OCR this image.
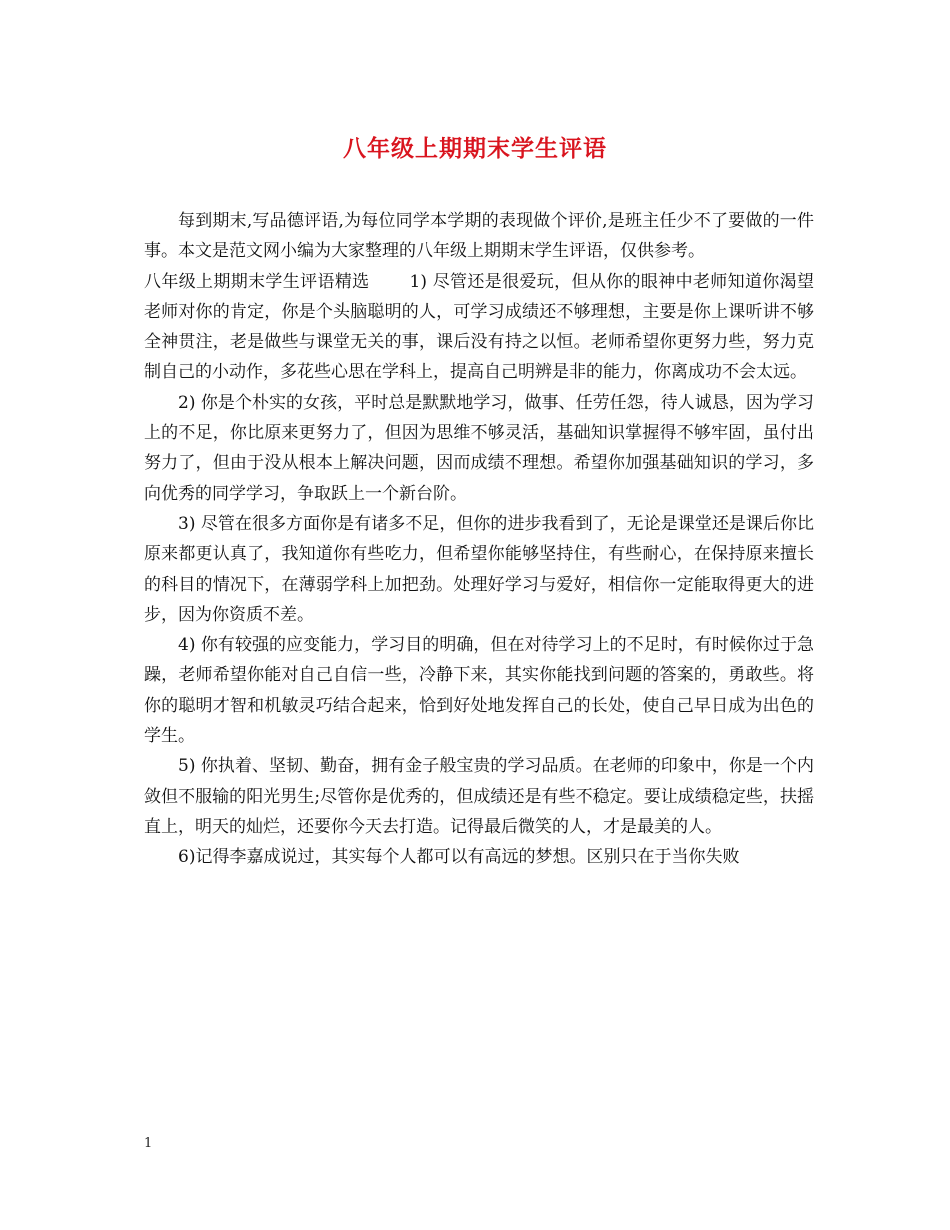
八年级上期期末学生评语

每到期末,写品德评语,为每位同学本学期的表现做个评价,是班主任少不了要做的一件事。本文是范文网小编为大家整理的八年级上期期末学生评语，仅供参考。

八年级上期期末学生评语精选 1) 尽管还是很爱玩，但从你的眼神中老师知道你渴望老师对你的肯定，你是个头脑聪明的人，可学习成绩还不够理想，主要是你上课听讲不够全神贯注，老是做些与课堂无关的事，课后没有持之以恒。老师希望你更努力些，努力克制自己的小动作，多花些心思在学科上，提高自己明辨是非的能力，你离成功不会太远。

2) 你是个朴实的女孩，平时总是默默地学习，做事、任劳任怨，待人诚恳，因为学习上的不足，你比原来更努力了，但因为思维不够灵活，基础知识掌握得不够牢固，虽付出努力了，但由于没从根本上解决问题，因而成绩不理想。希望你加强基础知识的学习，多向优秀的同学学习，争取跃上一个新台阶。

3) 尽管在很多方面你是有诸多不足，但你的进步我看到了，无论是课堂还是课后你比原来都更认真了，我知道你有些吃力，但希望你能够坚持住，有些耐心，在保持原来擅长的科目的情况下，在薄弱学科上加把劲。处理好学习与爱好，相信你一定能取得更大的进步，因为你资质不差。

4) 你有较强的应变能力，学习目的明确，但在对待学习上的不足时，有时候你过于急躁，老师希望你能对自己自信一些，冷静下来，其实你能找到问题的答案的，勇敢些。将你的聪明才智和机敏灵巧结合起来，恰到好处地发挥自己的长处，使自己早日成为出色的学生。

5) 你执着、坚韧、勤奋，拥有金子般宝贵的学习品质。在老师的印象中，你是一个内敛但不服输的阳光男生;尽管你是优秀的，但成绩还是有些不稳定。要让成绩稳定些，扶摇直上，明天的灿烂，还要你今天去打造。记得最后微笑的人，才是最美的人。

6)记得李嘉成说过，其实每个人都可以有高远的梦想。区别只在于当你失败

1
